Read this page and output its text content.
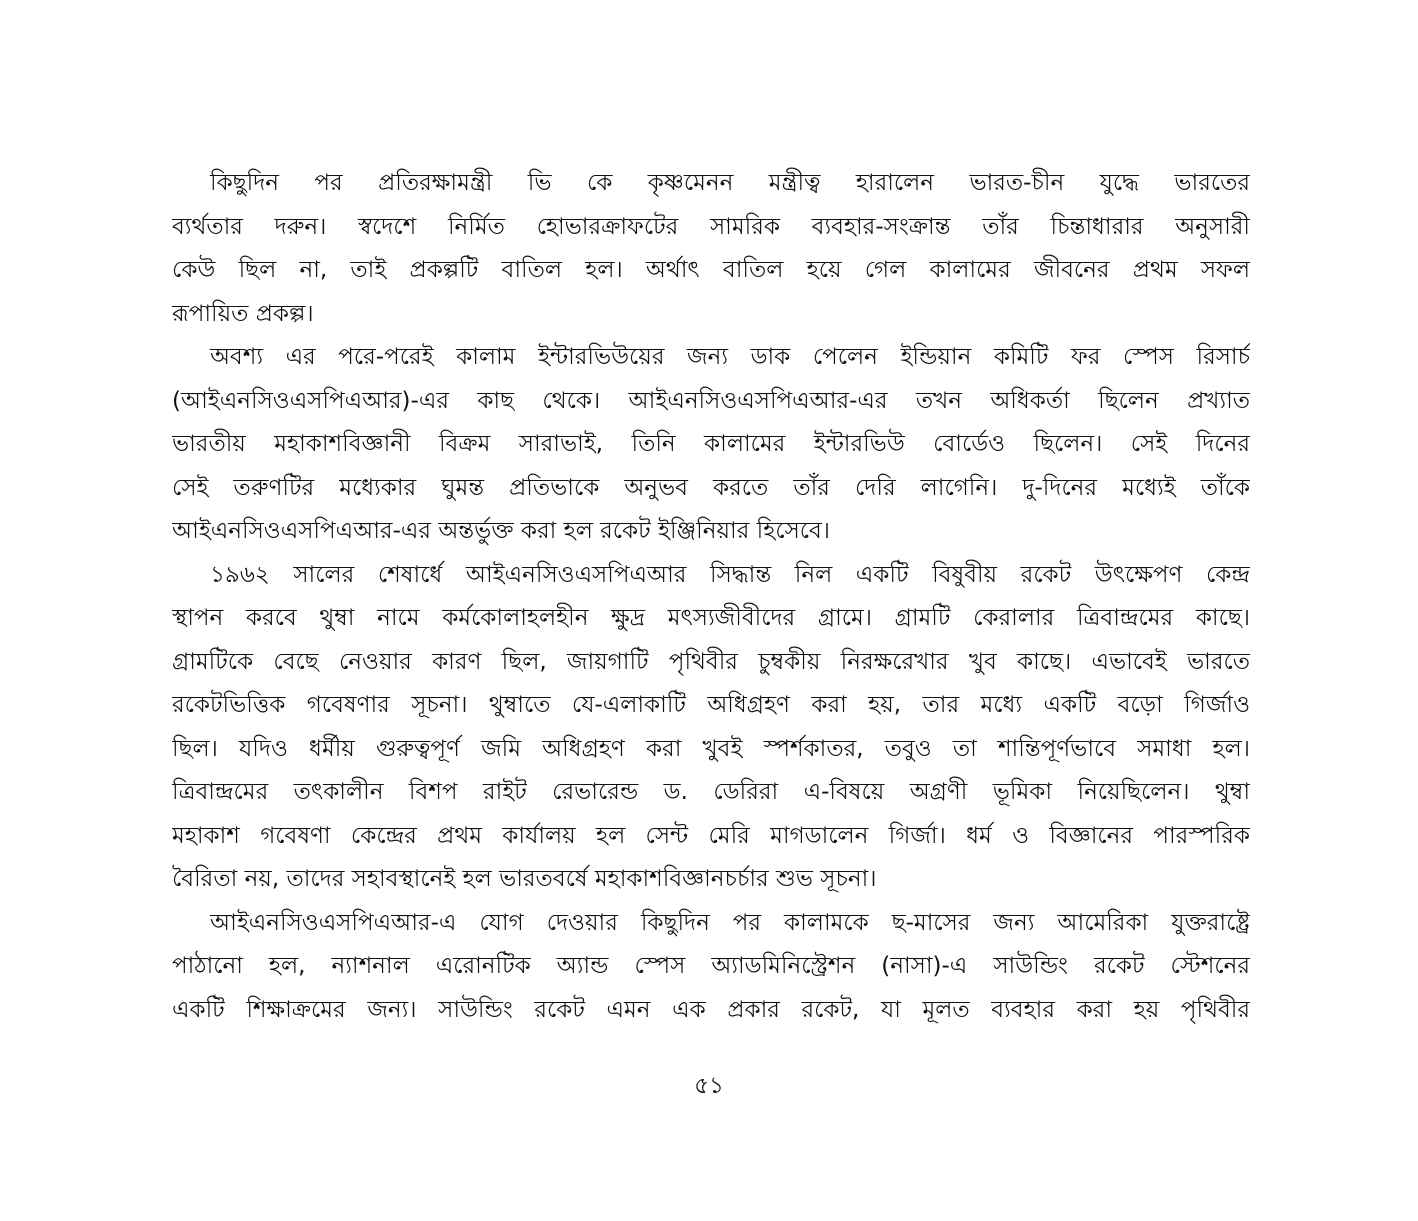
কিছুদিন পর প্রতিরক্ষামন্ত্রী ভি কে কৃষ্ণমেনন মন্ত্রীত্ব হারালেন ভারত-চীন যুদ্ধে ভারতের
ব্যর্থতার দরুন। স্বদেশে নির্মিত হোভারক্রাফটের সামরিক ব্যবহার-সংক্রান্ত তাঁর চিন্তাধারার অনুসারী
কেউ ছিল না, তাই প্রকল্পটি বাতিল হল। অর্থাৎ বাতিল হয়ে গেল কালামের জীবনের প্রথম সফল
রূপায়িত প্রকল্প।
অবশ্য এর পরে-পরেই কালাম ইন্টারভিউয়ের জন্য ডাক পেলেন ইন্ডিয়ান কমিটি ফর স্পেস রিসার্চ
(আইএনসিওএসপিএআর)-এর কাছ থেকে। আইএনসিওএসপিএআর-এর তখন অধিকর্তা ছিলেন প্রখ্যাত
ভারতীয় মহাকাশবিজ্ঞানী বিক্রম সারাভাই, তিনি কালামের ইন্টারভিউ বোর্ডেও ছিলেন। সেই দিনের
সেই তরুণটির মধ্যেকার ঘুমন্ত প্রতিভাকে অনুভব করতে তাঁর দেরি লাগেনি। দু-দিনের মধ্যেই তাঁকে
আইএনসিওএসপিএআর-এর অন্তর্ভুক্ত করা হল রকেট ইঞ্জিনিয়ার হিসেবে।
১৯৬২ সালের শেষার্ধে আইএনসিওএসপিএআর সিদ্ধান্ত নিল একটি বিষুবীয় রকেট উৎক্ষেপণ কেন্দ্র
স্থাপন করবে থুম্বা নামে কর্মকোলাহলহীন ক্ষুদ্র মৎস্যজীবীদের গ্রামে। গ্রামটি কেরালার ত্রিবান্দ্রমের কাছে।
গ্রামটিকে বেছে নেওয়ার কারণ ছিল, জায়গাটি পৃথিবীর চুম্বকীয় নিরক্ষরেখার খুব কাছে। এভাবেই ভারতে
রকেটভিত্তিক গবেষণার সূচনা। থুম্বাতে যে-এলাকাটি অধিগ্রহণ করা হয়, তার মধ্যে একটি বড়ো গির্জাও
ছিল। যদিও ধর্মীয় গুরুত্বপূর্ণ জমি অধিগ্রহণ করা খুবই স্পর্শকাতর, তবুও তা শান্তিপূর্ণভাবে সমাধা হল।
ত্রিবান্দ্রমের তৎকালীন বিশপ রাইট রেভারেন্ড ড. ডেরিরা এ-বিষয়ে অগ্রণী ভূমিকা নিয়েছিলেন। থুম্বা
মহাকাশ গবেষণা কেন্দ্রের প্রথম কার্যালয় হল সেন্ট মেরি মাগডালেন গির্জা। ধর্ম ও বিজ্ঞানের পারস্পরিক
বৈরিতা নয়, তাদের সহাবস্থানেই হল ভারতবর্ষে মহাকাশবিজ্ঞানচর্চার শুভ সূচনা।
আইএনসিওএসপিএআর-এ যোগ দেওয়ার কিছুদিন পর কালামকে ছ-মাসের জন্য আমেরিকা যুক্তরাষ্ট্রে
পাঠানো হল, ন্যাশনাল এরোনটিক অ্যান্ড স্পেস অ্যাডমিনিস্ট্রেশন (নাসা)-এ সাউন্ডিং রকেট স্টেশনের
একটি শিক্ষাক্রমের জন্য। সাউন্ডিং রকেট এমন এক প্রকার রকেট, যা মূলত ব্যবহার করা হয় পৃথিবীর
৫১
